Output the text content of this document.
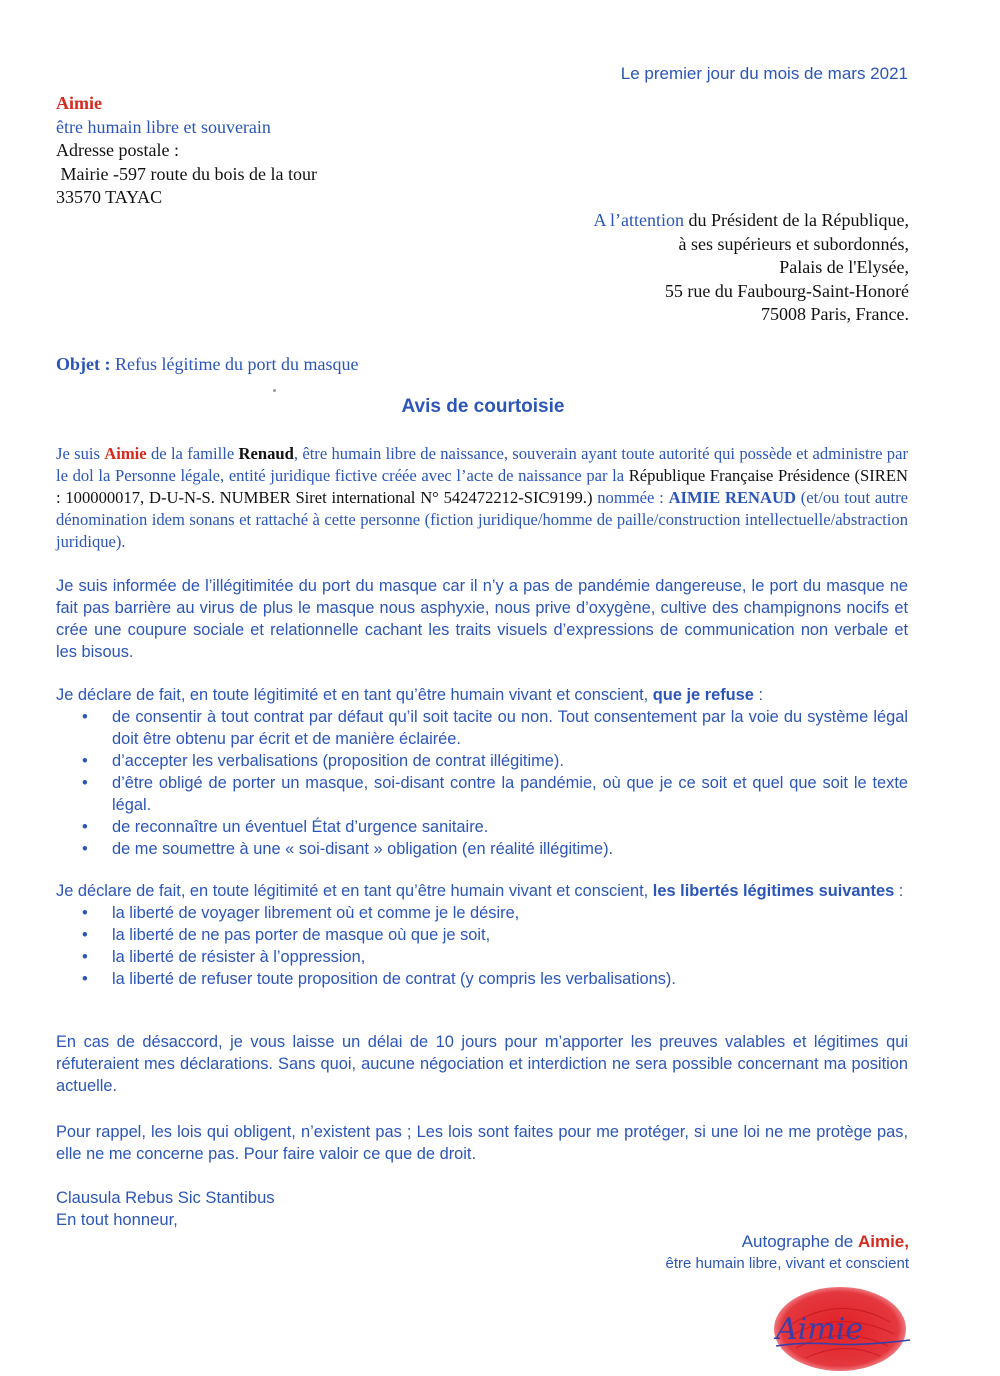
Le premier jour du mois de mars 2021
Aimie
être humain libre et souverain
Adresse postale :
Mairie -597 route du bois de la tour
33570 TAYAC
A l’attention du Président de la République,
à ses supérieurs et subordonnés,
Palais de l'Elysée,
55 rue du Faubourg-Saint-Honoré
75008 Paris, France.
Objet : Refus légitime du port du masque
Avis de courtoisie
Je suis Aimie de la famille Renaud, être humain libre de naissance, souverain ayant toute autorité qui possède et administre par le dol la Personne légale, entité juridique fictive créée avec l’acte de naissance par la République Française Présidence (SIREN : 100000017, D-U-N-S. NUMBER Siret international N° 542472212-SIC9199.) nommée : AIMIE RENAUD (et/ou tout autre dénomination idem sonans et rattaché à cette personne (fiction juridique/homme de paille/construction intellectuelle/abstraction juridique).
Je suis informée de l’illégitimitée du port du masque car il n’y a pas de pandémie dangereuse, le port du masque ne fait pas barrière au virus de plus le masque nous asphyxie, nous prive d’oxygène, cultive des champignons nocifs et crée une coupure sociale et relationnelle cachant les traits visuels d’expressions de communication non verbale et les bisous.
Je déclare de fait, en toute légitimité et en tant qu’être humain vivant et conscient, que je refuse :
• de consentir à tout contrat par défaut qu’il soit tacite ou non. Tout consentement par la voie du système légal doit être obtenu par écrit et de manière éclairée.
• d’accepter les verbalisations (proposition de contrat illégitime).
• d’être obligé de porter un masque, soi-disant contre la pandémie, où que je ce soit et quel que soit le texte légal.
• de reconnaître un éventuel État d’urgence sanitaire.
• de me soumettre à une « soi-disant » obligation (en réalité illégitime).
Je déclare de fait, en toute légitimité et en tant qu’être humain vivant et conscient, les libertés légitimes suivantes :
• la liberté de voyager librement où et comme je le désire,
• la liberté de ne pas porter de masque où que je soit,
• la liberté de résister à l’oppression,
• la liberté de refuser toute proposition de contrat (y compris les verbalisations).
En cas de désaccord, je vous laisse un délai de 10 jours pour m’apporter les preuves valables et légitimes qui réfuteraient mes déclarations. Sans quoi, aucune négociation et interdiction ne sera possible concernant ma position actuelle.
Pour rappel, les lois qui obligent, n’existent pas ; Les lois sont faites pour me protéger, si une loi ne me protège pas, elle ne me concerne pas. Pour faire valoir ce que de droit.
Clausula Rebus Sic Stantibus
En tout honneur,
Autographe de Aimie,
être humain libre, vivant et conscient
Aimie
